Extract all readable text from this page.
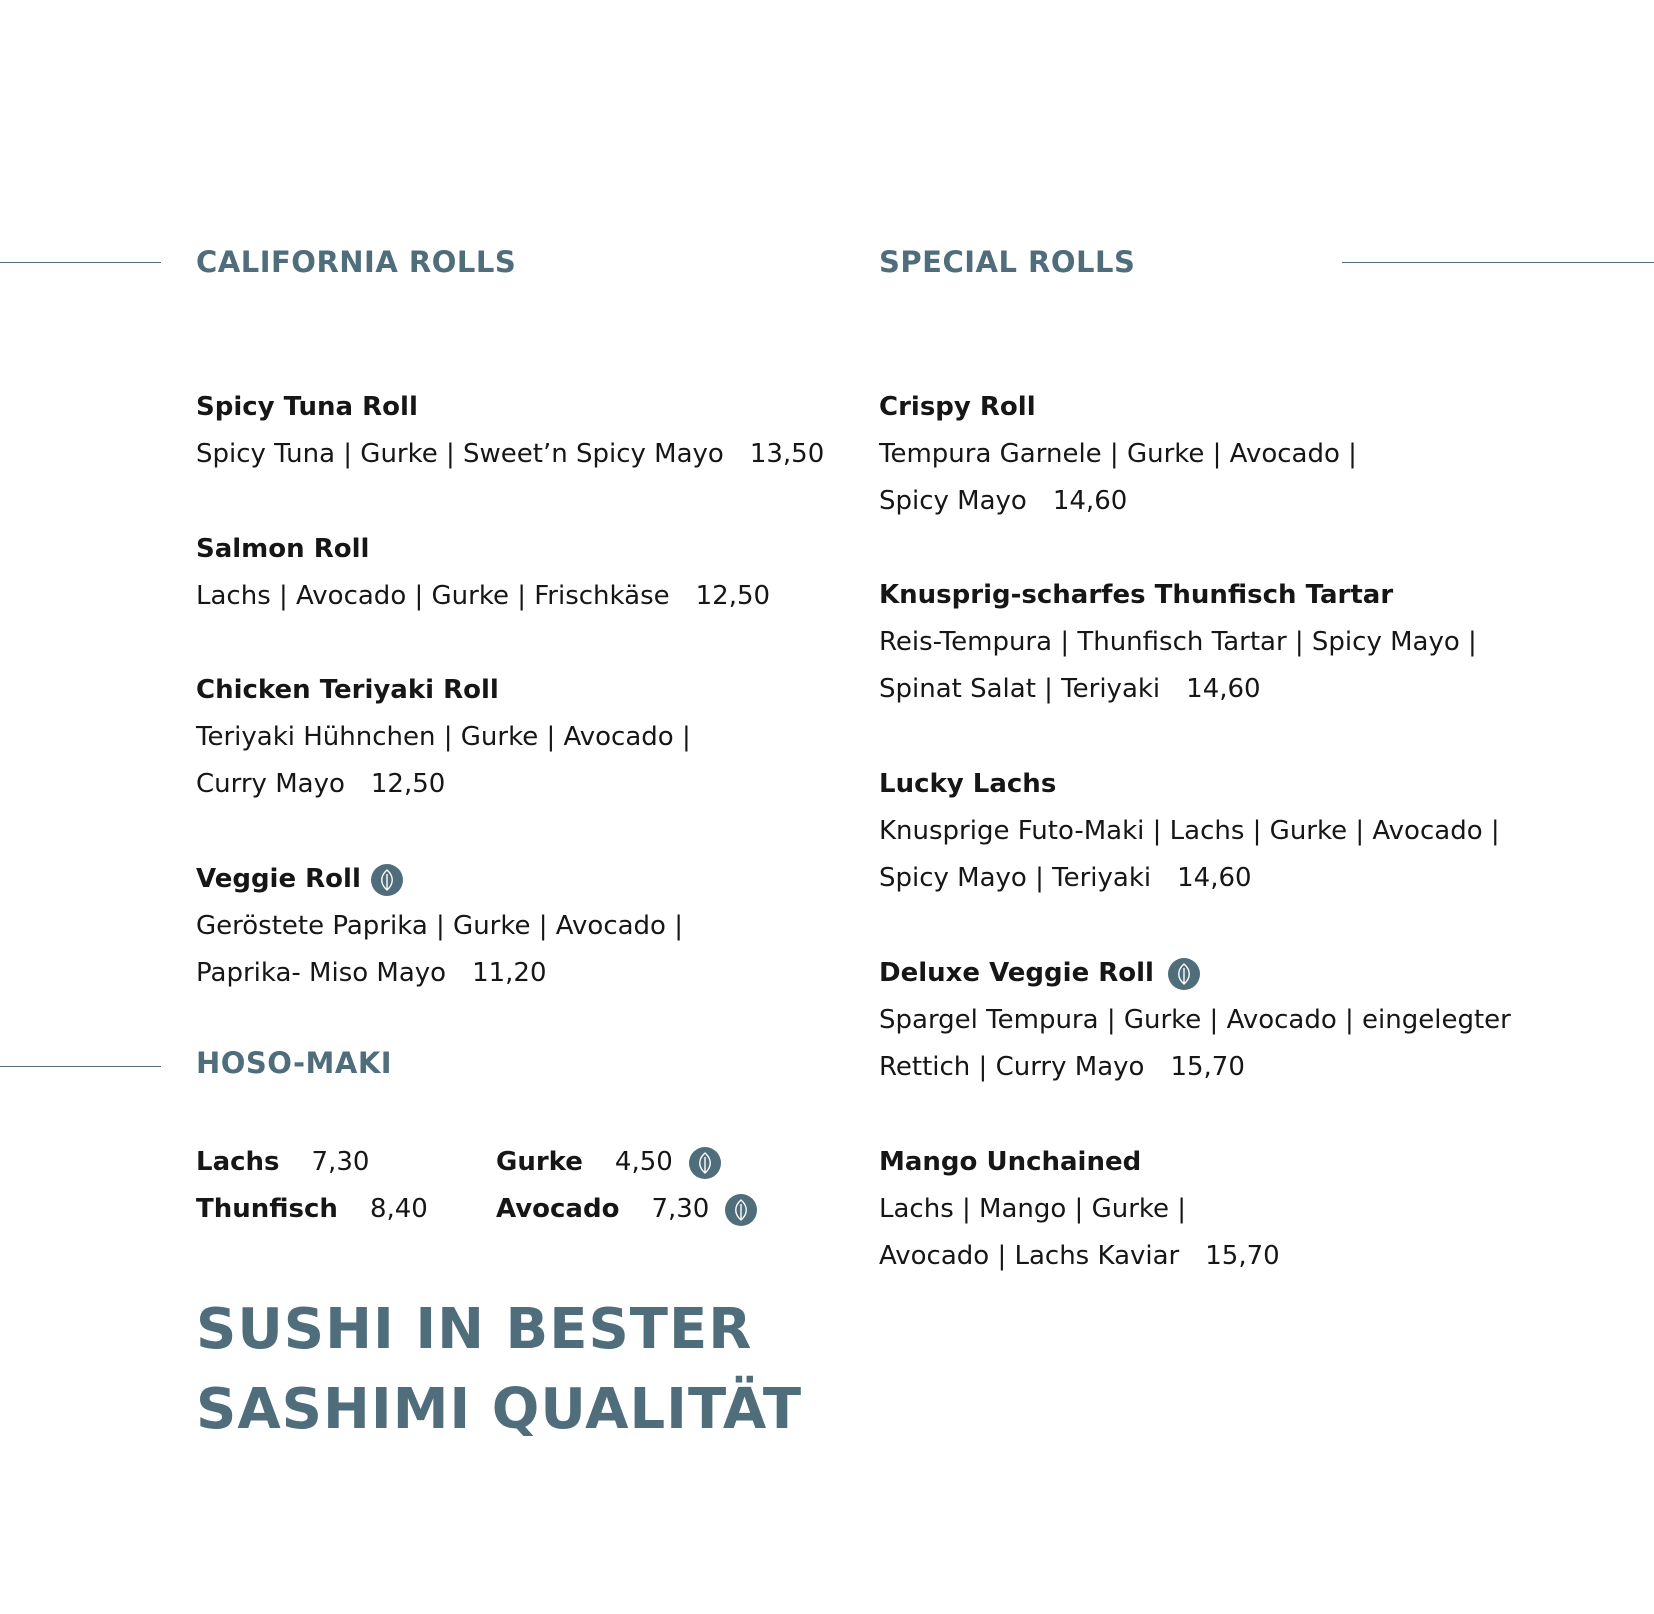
CALIFORNIA ROLLS	SPECIAL ROLLS
HOSO-MAKI
Spicy Tuna Roll
Spicy Tuna | Gurke | Sweet’n Spicy Mayo 13,50
Salmon Roll
Lachs | Avocado | Gurke | Frischkäse 12,50
Chicken Teriyaki Roll
Teriyaki Hühnchen | Gurke | Avocado |
Curry Mayo 12,50
Veggie Roll
Geröstete Paprika | Gurke | Avocado |
Paprika- Miso Mayo 11,20
Lachs 7,30
Thunfisch 8,40
Gurke 4,50
Avocado 7,30
SUSHI IN BESTER
SASHIMI QUALITÄT
Crispy Roll
Tempura Garnele | Gurke | Avocado |
Spicy Mayo 14,60
Knusprig-scharfes Thunfisch Tartar
Reis-Tempura | Thunfisch Tartar | Spicy Mayo |
Spinat Salat | Teriyaki 14,60
Lucky Lachs
Knusprige Futo-Maki | Lachs | Gurke | Avocado |
Spicy Mayo | Teriyaki 14,60
Deluxe Veggie Roll
Spargel Tempura | Gurke | Avocado | eingelegter
Rettich | Curry Mayo 15,70
Mango Unchained
Lachs | Mango | Gurke |
Avocado | Lachs Kaviar 15,70
